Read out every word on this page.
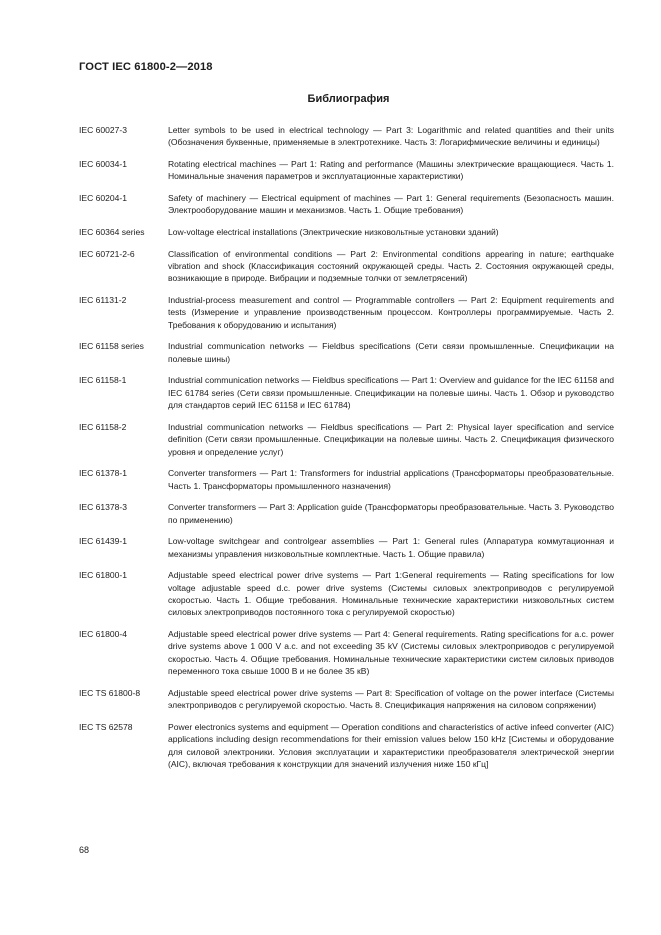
ГОСТ IEC 61800-2—2018
Библиография
IEC 60027-3	Letter symbols to be used in electrical technology — Part 3: Logarithmic and related quantities and their units (Обозначения буквенные, применяемые в электротехнике. Часть 3: Логарифмические величины и единицы)
IEC 60034-1	Rotating electrical machines — Part 1: Rating and performance (Машины электрические вращающиеся. Часть 1. Номинальные значения параметров и эксплуатационные характеристики)
IEC 60204-1	Safety of machinery — Electrical equipment of machines — Part 1: General requirements (Безопасность машин. Электрооборудование машин и механизмов. Часть 1. Общие требования)
IEC 60364 series	Low-voltage electrical installations (Электрические низковольтные установки зданий)
IEC 60721-2-6	Classification of environmental conditions — Part 2: Environmental conditions appearing in nature; earthquake vibration and shock (Классификация состояний окружающей среды. Часть 2. Состояния окружающей среды, возникающие в природе. Вибрации и подземные толчки от землетрясений)
IEC 61131-2	Industrial-process measurement and control — Programmable controllers — Part 2: Equipment requirements and tests (Измерение и управление производственным процессом. Контроллеры программируемые. Часть 2. Требования к оборудованию и испытания)
IEC 61158 series	Industrial communication networks — Fieldbus specifications (Сети связи промышленные. Спецификации на полевые шины)
IEC 61158-1	Industrial communication networks — Fieldbus specifications — Part 1: Overview and guidance for the IEC 61158 and IEC 61784 series (Сети связи промышленные. Спецификации на полевые шины. Часть 1. Обзор и руководство для стандартов серий IEC 61158 и IEC 61784)
IEC 61158-2	Industrial communication networks — Fieldbus specifications — Part 2: Physical layer specification and service definition (Сети связи промышленные. Спецификации на полевые шины. Часть 2. Спецификация физического уровня и определение услуг)
IEC 61378-1	Converter transformers — Part 1: Transformers for industrial applications (Трансформаторы преобразовательные. Часть 1. Трансформаторы промышленного назначения)
IEC 61378-3	Converter transformers — Part 3: Application guide (Трансформаторы преобразовательные. Часть 3. Руководство по применению)
IEC 61439-1	Low-voltage switchgear and controlgear assemblies — Part 1: General rules (Аппаратура коммутационная и механизмы управления низковольтные комплектные. Часть 1. Общие правила)
IEC 61800-1	Adjustable speed electrical power drive systems — Part 1:General requirements — Rating specifications for low voltage adjustable speed d.c. power drive systems (Системы силовых электроприводов с регулируемой скоростью. Часть 1. Общие требования. Номинальные технические характеристики низковольтных систем силовых электроприводов постоянного тока с регулируемой скоростью)
IEC 61800-4	Adjustable speed electrical power drive systems — Part 4: General requirements. Rating specifications for a.c. power drive systems above 1 000 V a.c. and not exceeding 35 kV (Системы силовых электроприводов с регулируемой скоростью. Часть 4. Общие требования. Номинальные технические характеристики систем силовых приводов переменного тока свыше 1000 В и не более 35 кВ)
IEC TS 61800-8	Adjustable speed electrical power drive systems — Part 8: Specification of voltage on the power interface (Системы электроприводов с регулируемой скоростью. Часть 8. Спецификация напряжения на силовом сопряжении)
IEC TS 62578	Power electronics systems and equipment — Operation conditions and characteristics of active infeed converter (AIC) applications including design recommendations for their emission values below 150 kHz [Системы и оборудование для силовой электроники. Условия эксплуатации и характеристики преобразователя электрической энергии (AIC), включая требования к конструкции для значений излучения ниже 150 кГц]
68
